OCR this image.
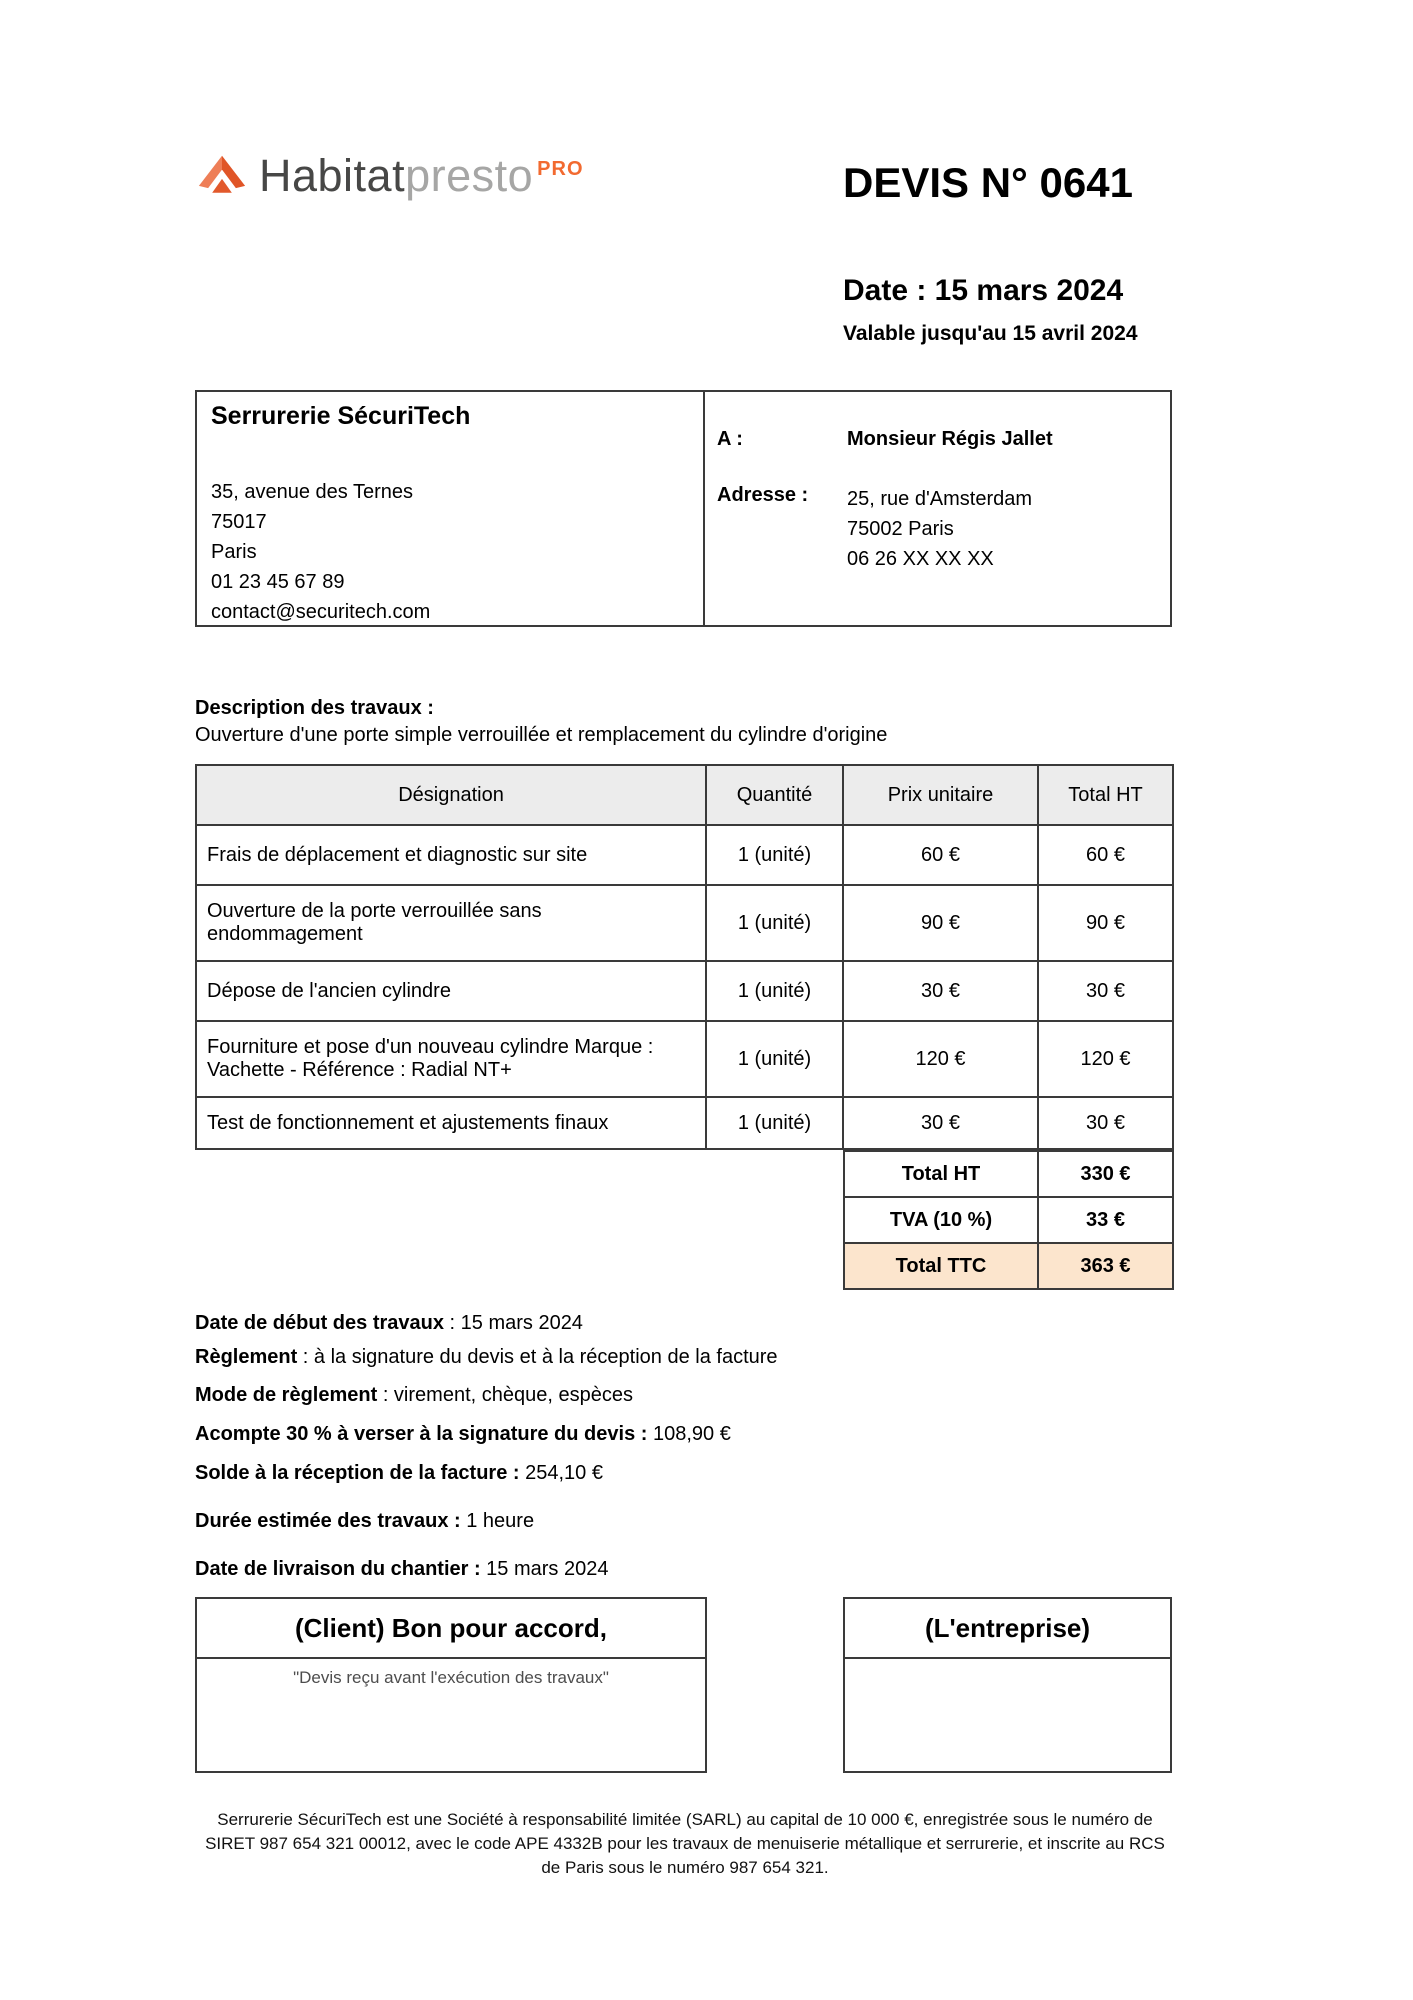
Habitatpresto $^{PRO}$	DEVIS N° 0641
Date : 15 mars 2024
Valable jusqu'au 15 avril 2024
Serrurerie SécuriTech
35, avenue des Ternes
75017
Paris
01 23 45 67 89
contact@securitech.com
A :	Monsieur Régis Jallet
Adresse :	25, rue d'Amsterdam
75002 Paris
06 26 XX XX XX
Description des travaux :
Ouverture d'une porte simple verrouillée et remplacement du cylindre d'origine
Désignation	Quantité	Prix unitaire	Total HT
Frais de déplacement et diagnostic sur site	1 (unité)	60 €	60 €
Ouverture de la porte verrouillée sans endommagement	1 (unité)	90 €	90 €
Dépose de l'ancien cylindre	1 (unité)	30 €	30 €
Fourniture et pose d'un nouveau cylindre Marque : Vachette - Référence : Radial NT+	1 (unité)	120 €	120 €
Test de fonctionnement et ajustements finaux	1 (unité)	30 €	30 €
Total HT	330 €
TVA (10 %)	33 €
Total TTC	363 €

Date de début des travaux : 15 mars 2024

Règlement : à la signature du devis et à la réception de la facture

Mode de règlement : virement, chèque, espèces

Acompte 30 % à verser à la signature du devis : 108,90 €

Solde à la réception de la facture : 254,10 €

Durée estimée des travaux : 1 heure

Date de livraison du chantier : 15 mars 2024

(Client) Bon pour accord,
"Devis reçu avant l'exécution des travaux"
(L'entreprise)
Serrurerie SécuriTech est une Société à responsabilité limitée (SARL) au capital de 10 000 €, enregistrée sous le numéro de SIRET 987 654 321 00012, avec le code APE 4332B pour les travaux de menuiserie métallique et serrurerie, et inscrite au RCS de Paris sous le numéro 987 654 321.
